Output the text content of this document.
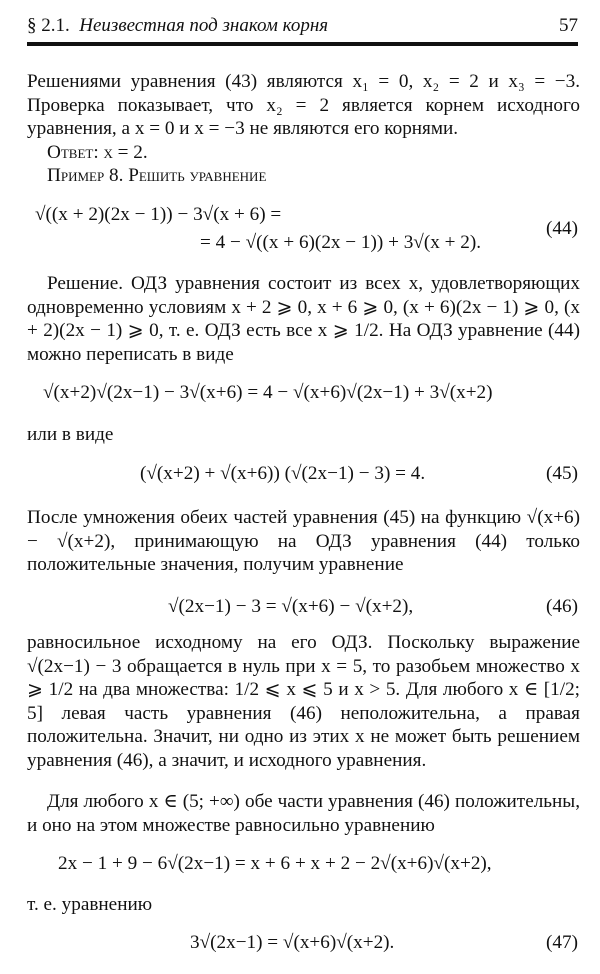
§ 2.1. Неизвестная под знаком корня	57
Решениями уравнения (43) являются x₁ = 0, x₂ = 2 и x₃ = −3. Проверка показывает, что x₂ = 2 является корнем исходного уравнения, а x = 0 и x = −3 не являются его корнями.
Ответ: x = 2.
Пример 8. Решить уравнение
√((x + 2)(2x − 1)) − 3√(x + 6) =
= 4 − √((x + 6)(2x − 1)) + 3√(x + 2).
(44)
Решение. ОДЗ уравнения состоит из всех x, удовлетворяющих одновременно условиям x + 2 ⩾ 0, x + 6 ⩾ 0, (x + 6)(2x − 1) ⩾ 0, (x + 2)(2x − 1) ⩾ 0, т. е. ОДЗ есть все x ⩾ 1/2. На ОДЗ уравнение (44) можно переписать в виде
√(x+2)√(2x−1) − 3√(x+6) = 4 − √(x+6)√(2x−1) + 3√(x+2)
или в виде
(√(x+2) + √(x+6)) (√(2x−1) − 3) = 4.	(45)
После умножения обеих частей уравнения (45) на функцию √(x+6) − √(x+2), принимающую на ОДЗ уравнения (44) только положительные значения, получим уравнение
√(2x−1) − 3 = √(x+6) − √(x+2),	(46)
равносильное исходному на его ОДЗ. Поскольку выражение √(2x−1) − 3 обращается в нуль при x = 5, то разобьем множество x ⩾ 1/2 на два множества: 1/2 ⩽ x ⩽ 5 и x > 5. Для любого x ∈ [1/2; 5] левая часть уравнения (46) неположительна, а правая положительна. Значит, ни одно из этих x не может быть решением уравнения (46), а значит, и исходного уравнения.
Для любого x ∈ (5; +∞) обе части уравнения (46) положительны, и оно на этом множестве равносильно уравнению
2x − 1 + 9 − 6√(2x−1) = x + 6 + x + 2 − 2√(x+6)√(x+2),
т. е. уравнению
3√(2x−1) = √(x+6)√(x+2).	(47)
